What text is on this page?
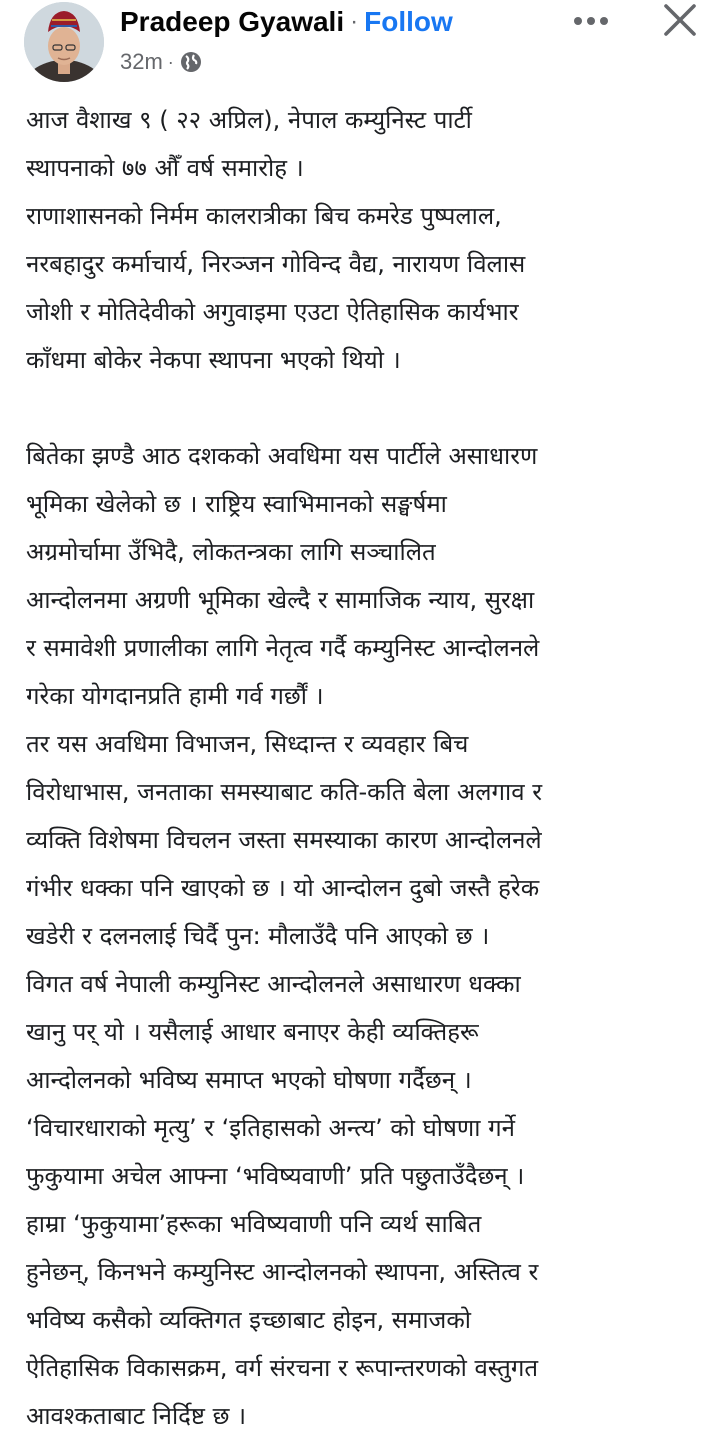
Pradeep Gyawali · Follow
32m ·
आज वैशाख ९ ( २२ अप्रिल), नेपाल कम्युनिस्ट पार्टी
स्थापनाको ७७ औँ वर्ष समारोह ।
राणाशासनको निर्मम कालरात्रीका बिच कमरेड पुष्पलाल,
नरबहादुर कर्माचार्य, निरञ्जन गोविन्द वैद्य, नारायण विलास
जोशी र मोतिदेवीको अगुवाइमा एउटा ऐतिहासिक कार्यभार
काँधमा बोकेर नेकपा स्थापना भएको थियो ।
बितेका झण्डै आठ दशकको अवधिमा यस पार्टीले असाधारण
भूमिका खेलेको छ । राष्ट्रिय स्वाभिमानको सङ्घर्षमा
अग्रमोर्चामा उँभिदै, लोकतन्त्रका लागि सञ्चालित
आन्दोलनमा अग्रणी भूमिका खेल्दै र सामाजिक न्याय, सुरक्षा
र समावेशी प्रणालीका लागि नेतृत्व गर्दै कम्युनिस्ट आन्दोलनले
गरेका योगदानप्रति हामी गर्व गर्छौं ।
तर यस अवधिमा विभाजन, सिध्दान्त र व्यवहार बिच
विरोधाभास, जनताका समस्याबाट कति-कति बेला अलगाव र
व्यक्ति विशेषमा विचलन जस्ता समस्याका कारण आन्दोलनले
गंभीर धक्का पनि खाएको छ । यो आन्दोलन दुबो जस्तै हरेक
खडेरी र दलनलाई चिर्दै पुन: मौलाउँदै पनि आएको छ ।
विगत वर्ष नेपाली कम्युनिस्ट आन्दोलनले असाधारण धक्का
खानु पर् यो । यसैलाई आधार बनाएर केही व्यक्तिहरू
आन्दोलनको भविष्य समाप्त भएको घोषणा गर्दैछन् ।
‘विचारधाराको मृत्यु’ र ‘इतिहासको अन्त्य’ को घोषणा गर्ने
फुकुयामा अचेल आफ्ना ‘भविष्यवाणी’ प्रति पछुताउँदैछन् ।
हाम्रा ‘फुकुयामा’हरूका भविष्यवाणी पनि व्यर्थ साबित
हुनेछन्, किनभने कम्युनिस्ट आन्दोलनको स्थापना, अस्तित्व र
भविष्य कसैको व्यक्तिगत इच्छाबाट होइन, समाजको
ऐतिहासिक विकासक्रम, वर्ग संरचना र रूपान्तरणको वस्तुगत
आवश्कताबाट निर्दिष्ट छ ।
